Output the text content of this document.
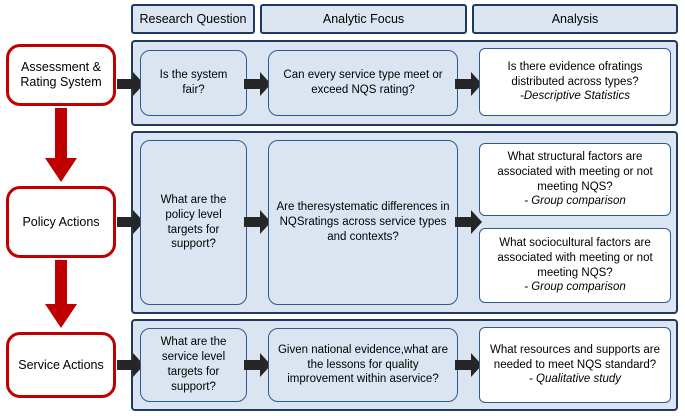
Research Question	Analytic Focus	Analysis
Assessment & Rating System
Policy Actions
Service Actions
Is the system fair?
Can every service type meet or exceed NQS rating?
Is there evidence ofratings distributed across types?
-Descriptive Statistics
What are the policy level targets for support?
Are theresystematic differences in NQSratings across service types and contexts?
What structural factors are associated with meeting or not meeting NQS?
- Group comparison
What sociocultural factors are associated with meeting or not meeting NQS?
- Group comparison
What are the service level targets for support?
Given national evidence,what are the lessons for quality improvement within aservice?
What resources and supports are needed to meet NQS standard?
- Qualitative study
